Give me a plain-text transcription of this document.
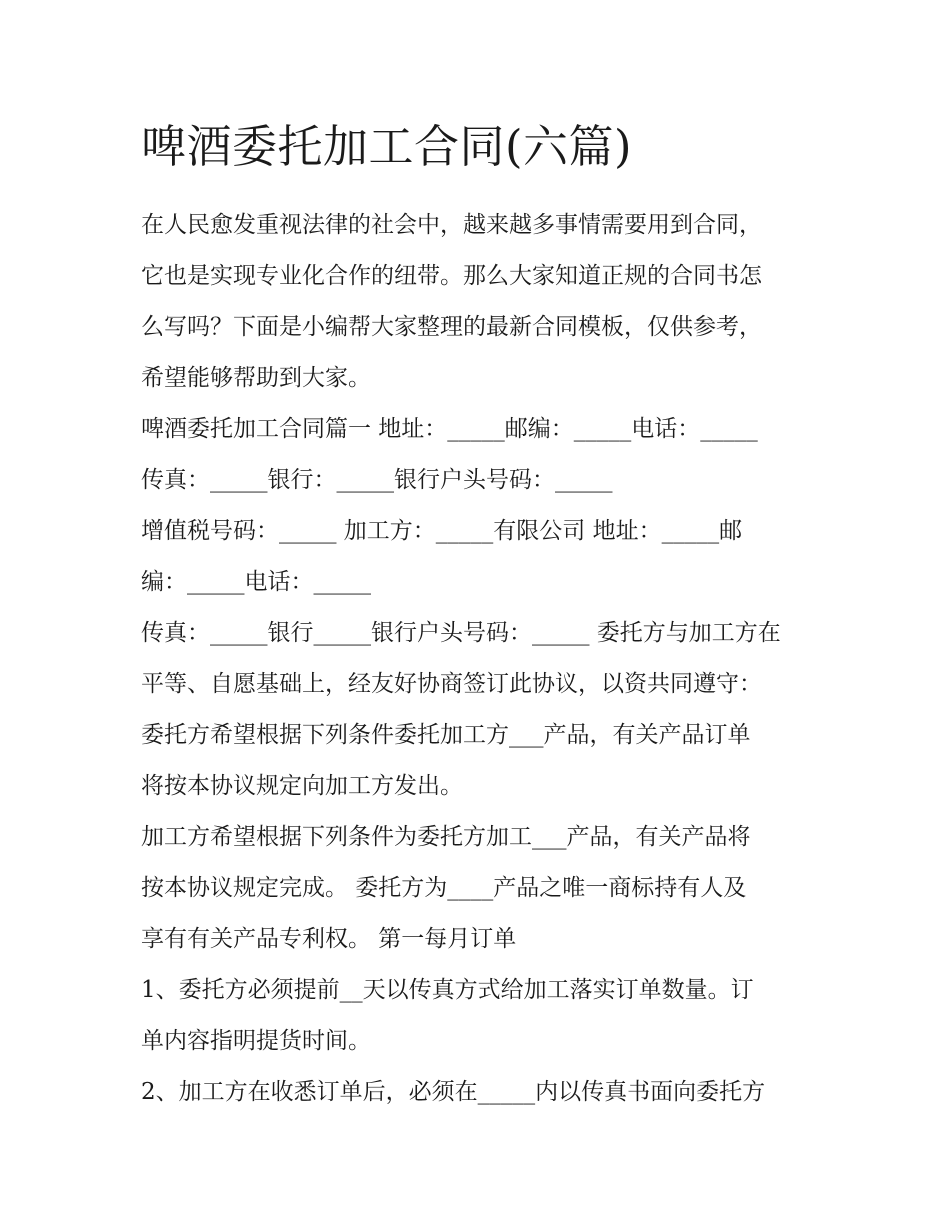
啤酒委托加工合同(六篇)

在人民愈发重视法律的社会中，越来越多事情需要用到合同，

它也是实现专业化合作的纽带。那么大家知道正规的合同书怎

么写吗？下面是小编帮大家整理的最新合同模板，仅供参考，

希望能够帮助到大家。

啤酒委托加工合同篇一 地址：_____邮编：_____电话：_____

传真：_____银行：_____银行户头号码：_____

增值税号码：_____ 加工方：_____有限公司 地址：_____邮

编：_____电话：_____

传真：_____银行_____银行户头号码：_____ 委托方与加工方在

平等、自愿基础上，经友好协商签订此协议，以资共同遵守：

委托方希望根据下列条件委托加工方___产品，有关产品订单

将按本协议规定向加工方发出。

加工方希望根据下列条件为委托方加工___产品，有关产品将

按本协议规定完成。 委托方为____产品之唯一商标持有人及

享有有关产品专利权。 第一每月订单

1、委托方必须提前__天以传真方式给加工落实订单数量。订

单内容指明提货时间。

2、加工方在收悉订单后，必须在_____内以传真书面向委托方
